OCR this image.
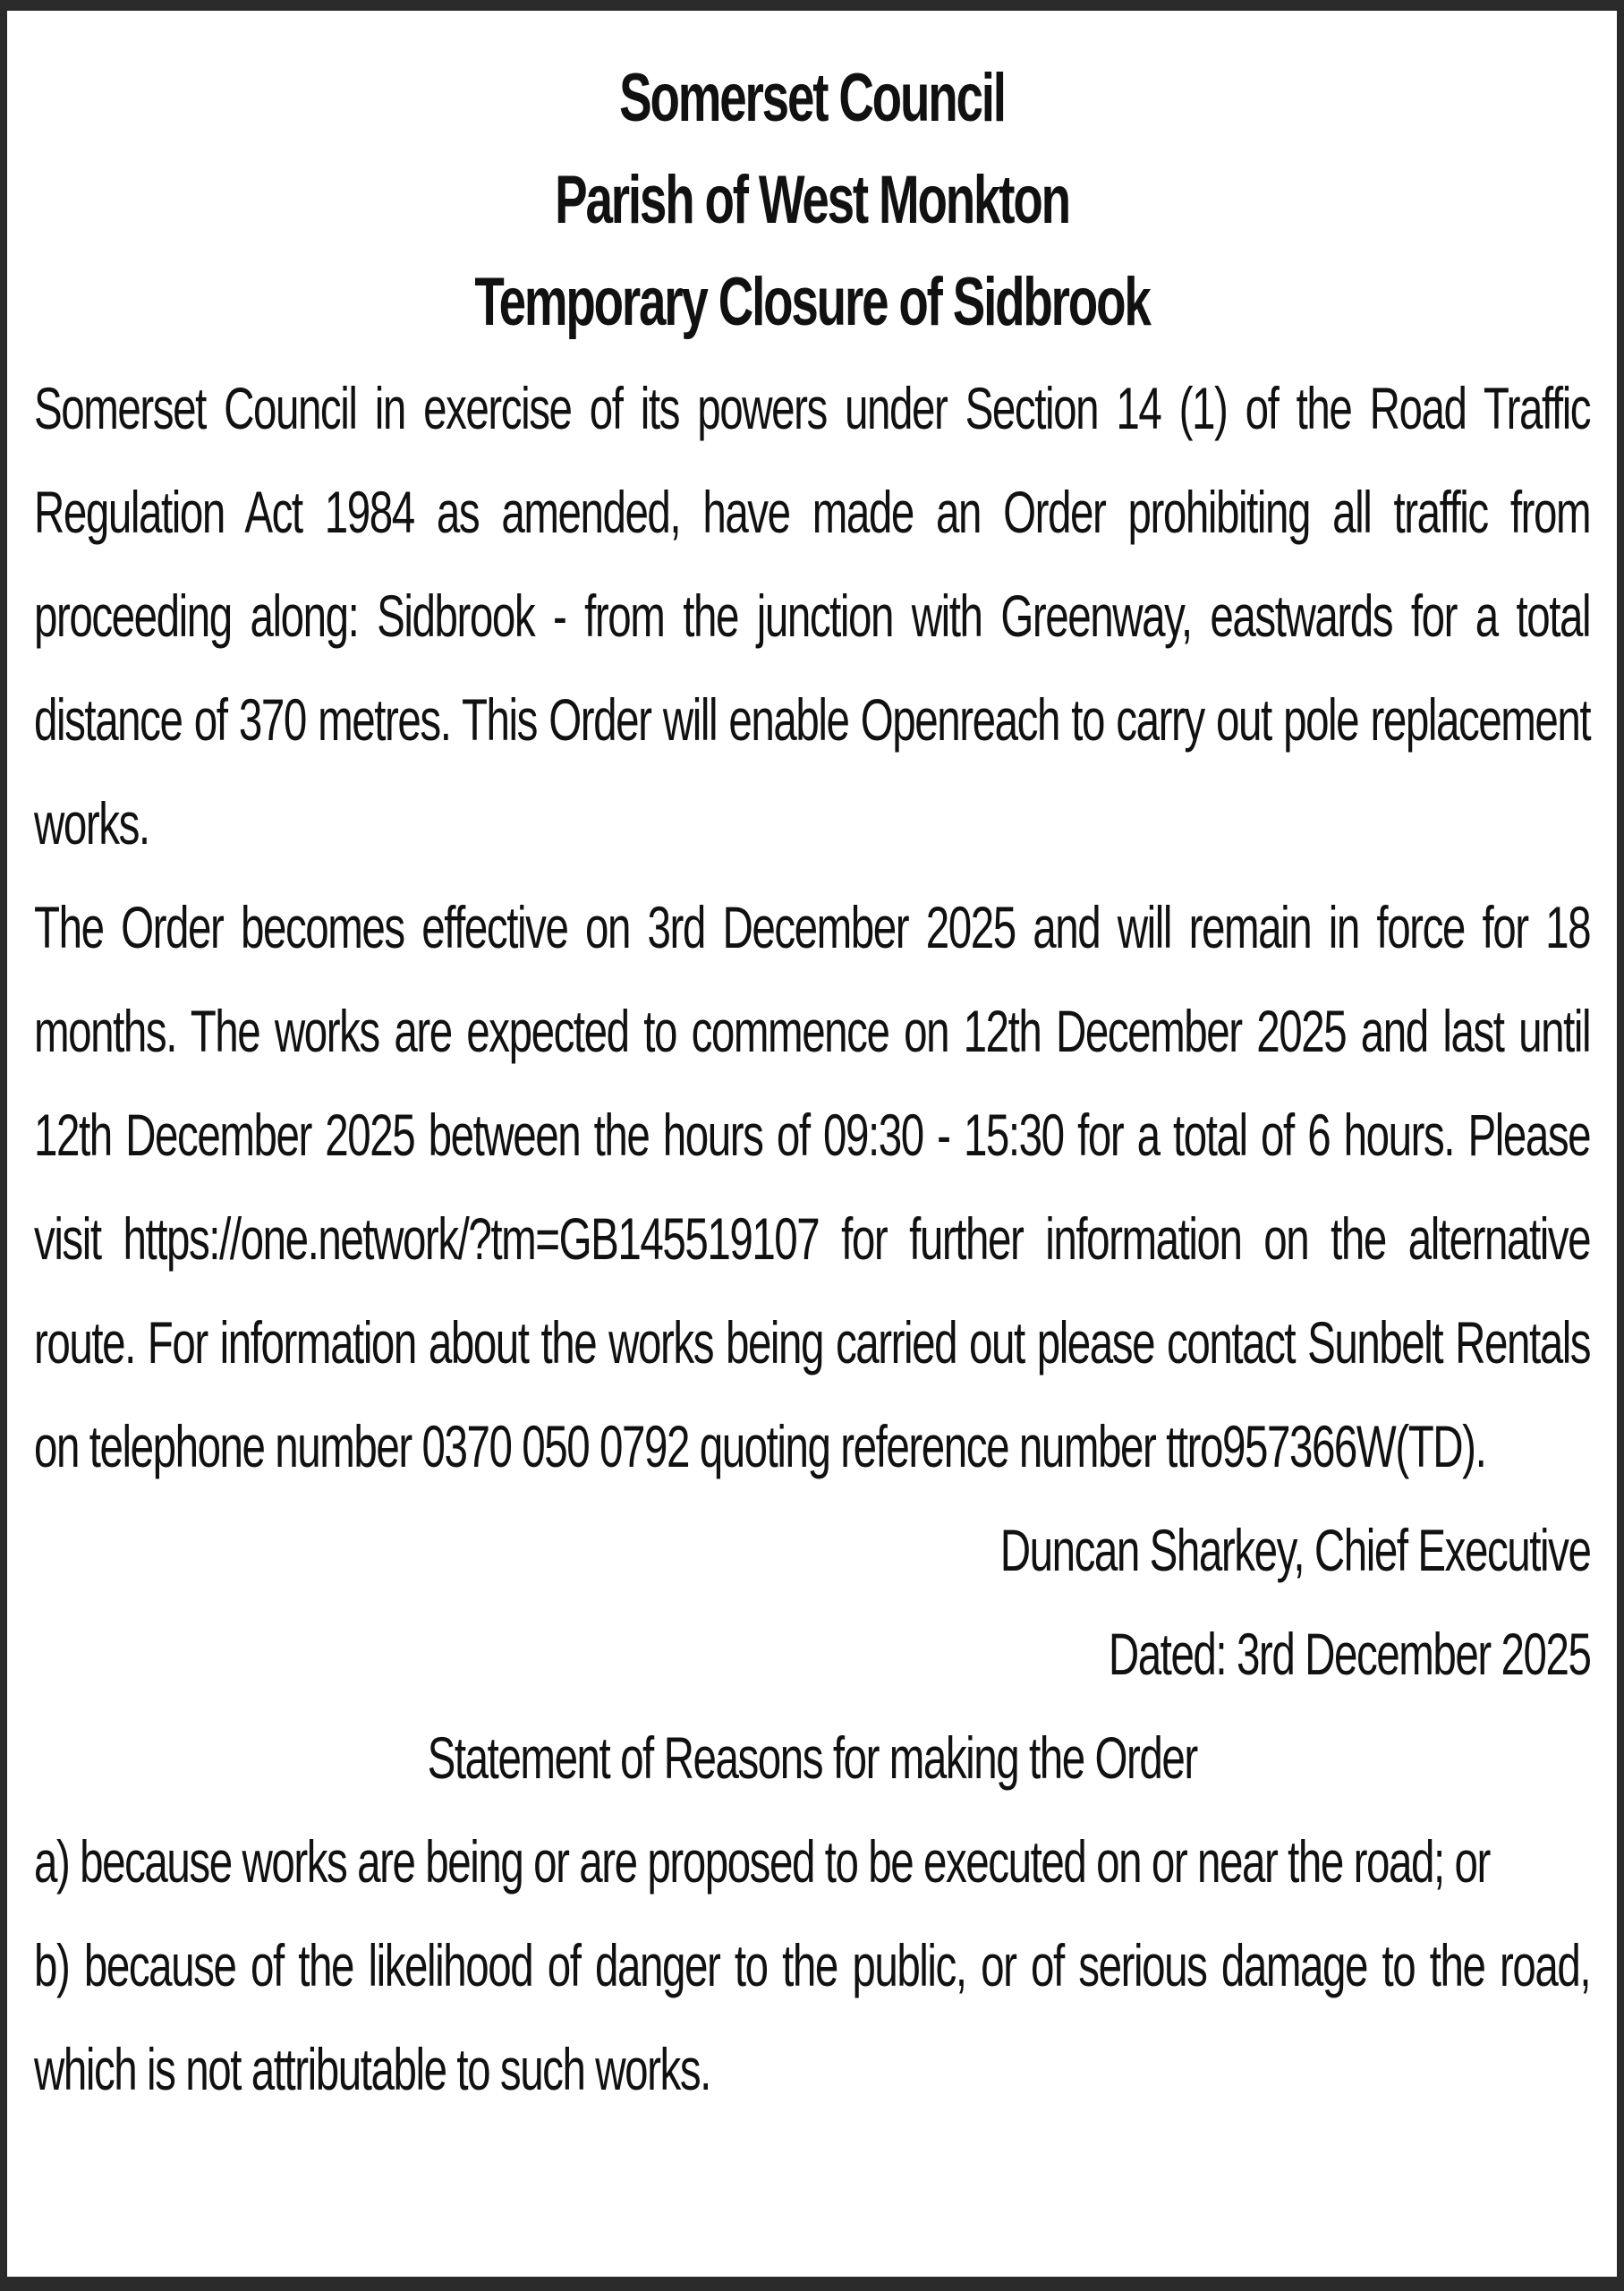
Somerset Council

Parish of West Monkton

Temporary Closure of Sidbrook

Somerset Council in exercise of its powers under Section 14 (1) of the Road Traffic Regulation Act 1984 as amended, have made an Order prohibiting all traffic from proceeding along: Sidbrook - from the junction with Greenway, eastwards for a total distance of 370 metres. This Order will enable Openreach to carry out pole replacement works.

The Order becomes effective on 3rd December 2025 and will remain in force for 18 months. The works are expected to commence on 12th December 2025 and last until 12th December 2025 between the hours of 09:30 - 15:30 for a total of 6 hours. Please visit https://one.network/?tm=GB145519107 for further information on the alternative route. For information about the works being carried out please contact Sunbelt Rentals on telephone number 0370 050 0792 quoting reference number ttro957366W(TD).

Duncan Sharkey, Chief Executive

Dated: 3rd December 2025

Statement of Reasons for making the Order

a) because works are being or are proposed to be executed on or near the road; or

b) because of the likelihood of danger to the public, or of serious damage to the road, which is not attributable to such works.
